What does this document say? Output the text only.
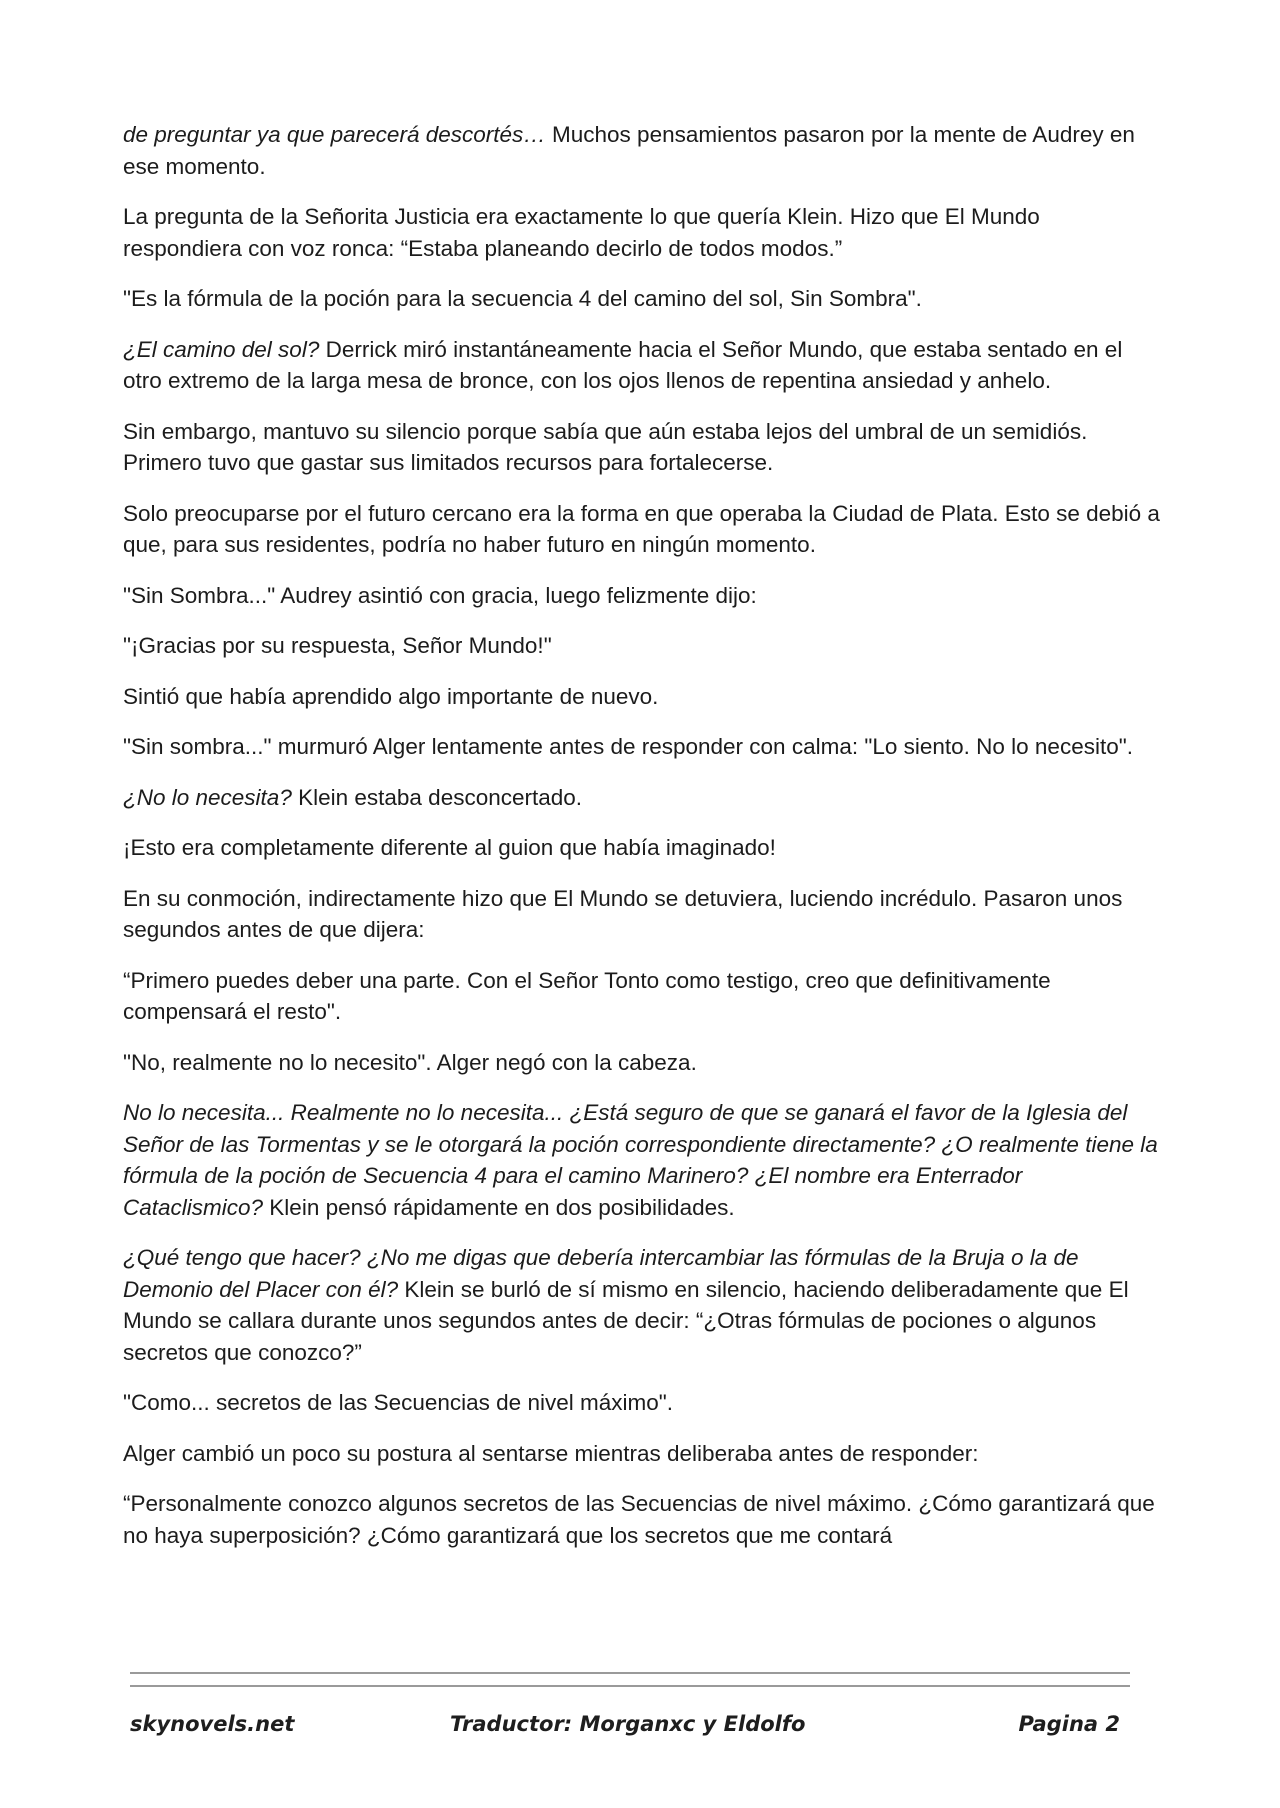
de preguntar ya que parecerá descortés… Muchos pensamientos pasaron por la mente de Audrey en ese momento.

La pregunta de la Señorita Justicia era exactamente lo que quería Klein. Hizo que El Mundo respondiera con voz ronca: “Estaba planeando decirlo de todos modos.”

"Es la fórmula de la poción para la secuencia 4 del camino del sol, Sin Sombra".

¿El camino del sol? Derrick miró instantáneamente hacia el Señor Mundo, que estaba sentado en el otro extremo de la larga mesa de bronce, con los ojos llenos de repentina ansiedad y anhelo.

Sin embargo, mantuvo su silencio porque sabía que aún estaba lejos del umbral de un semidiós. Primero tuvo que gastar sus limitados recursos para fortalecerse.

Solo preocuparse por el futuro cercano era la forma en que operaba la Ciudad de Plata. Esto se debió a que, para sus residentes, podría no haber futuro en ningún momento.

"Sin Sombra..." Audrey asintió con gracia, luego felizmente dijo:

"¡Gracias por su respuesta, Señor Mundo!"

Sintió que había aprendido algo importante de nuevo.

"Sin sombra..." murmuró Alger lentamente antes de responder con calma: "Lo siento. No lo necesito".

¿No lo necesita? Klein estaba desconcertado.

¡Esto era completamente diferente al guion que había imaginado!

En su conmoción, indirectamente hizo que El Mundo se detuviera, luciendo incrédulo. Pasaron unos segundos antes de que dijera:

“Primero puedes deber una parte. Con el Señor Tonto como testigo, creo que definitivamente compensará el resto".

"No, realmente no lo necesito". Alger negó con la cabeza.

No lo necesita... Realmente no lo necesita... ¿Está seguro de que se ganará el favor de la Iglesia del Señor de las Tormentas y se le otorgará la poción correspondiente directamente? ¿O realmente tiene la fórmula de la poción de Secuencia 4 para el camino Marinero? ¿El nombre era Enterrador Cataclismico? Klein pensó rápidamente en dos posibilidades.

¿Qué tengo que hacer? ¿No me digas que debería intercambiar las fórmulas de la Bruja o la de Demonio del Placer con él? Klein se burló de sí mismo en silencio, haciendo deliberadamente que El Mundo se callara durante unos segundos antes de decir: “¿Otras fórmulas de pociones o algunos secretos que conozco?”

"Como... secretos de las Secuencias de nivel máximo".

Alger cambió un poco su postura al sentarse mientras deliberaba antes de responder:

“Personalmente conozco algunos secretos de las Secuencias de nivel máximo. ¿Cómo garantizará que no haya superposición? ¿Cómo garantizará que los secretos que me contará

skynovels.net	Traductor: Morganxc y Eldolfo	Pagina 2
